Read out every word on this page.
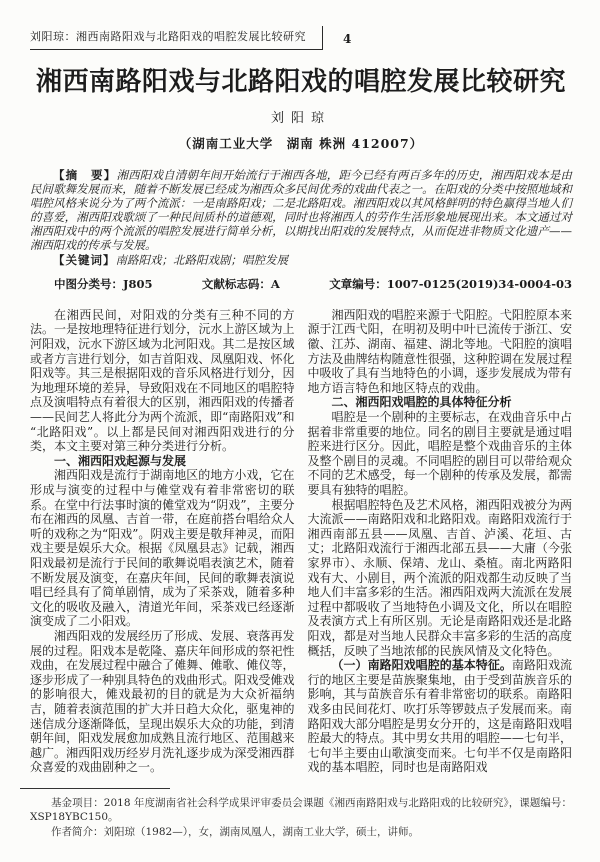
刘阳琼：湘西南路阳戏与北路阳戏的唱腔发展比较研究	4
湘西南路阳戏与北路阳戏的唱腔发展比较研究
刘阳琼
（湖南工业大学　湖南 株洲 412007）
【摘　要】湘西阳戏自清朝年间开始流行于湘西各地，距今已经有两百多年的历史，湘西阳戏本是由民间歌舞发展而来，随着不断发展已经成为湘西众多民间优秀的戏曲代表之一。在阳戏的分类中按照地域和唱腔风格来说分为了两个流派：一是南路阳戏；二是北路阳戏。湘西阳戏以其风格鲜明的特色赢得当地人们的喜爱，湘西阳戏歌颂了一种民间质朴的道德观，同时也将湘西人的劳作生活形象地展现出来。本文通过对湘西阳戏中的两个流派的唱腔发展进行简单分析，以期找出阳戏的发展特点，从而促进非物质文化遗产——湘西阳戏的传承与发展。
【关键词】南路阳戏；北路阳戏剧；唱腔发展
中图分类号：J805	文献标志码：A	文章编号：1007-0125(2019)34-0004-03

在湘西民间，对阳戏的分类有三种不同的方法。一是按地理特征进行划分，沅水上游区域为上河阳戏，沅水下游区域为北河阳戏。其二是按区域或者方言进行划分，如吉首阳戏、凤凰阳戏、怀化阳戏等。其三是根据阳戏的音乐风格进行划分，因为地理环境的差异，导致阳戏在不同地区的唱腔特点及演唱特点有着很大的区别，湘西阳戏的传播者——民间艺人将此分为两个流派，即“南路阳戏”和“北路阳戏”。以上都是民间对湘西阳戏进行的分类，本文主要对第三种分类进行分析。

一、湘西阳戏起源与发展

湘西阳戏是流行于湖南地区的地方小戏，它在形成与演变的过程中与傩堂戏有着非常密切的联系。在堂中行法事时演的傩堂戏为“阴戏”，主要分布在湘西的凤凰、吉首一带，在庭前搭台唱给众人听的戏称之为“阳戏”。阴戏主要是敬拜神灵，而阳戏主要是娱乐大众。根据《凤凰县志》记载，湘西阳戏最初是流行于民间的歌舞说唱表演艺术，随着不断发展及演变，在嘉庆年间，民间的歌舞表演说唱已经具有了简单剧情，成为了采茶戏，随着多种文化的吸收及融入，清道光年间，采茶戏已经逐渐演变成了二小阳戏。

湘西阳戏的发展经历了形成、发展、衰落再发展的过程。阳戏本是乾隆、嘉庆年间形成的祭祀性戏曲，在发展过程中融合了傩舞、傩歌、傩仪等，逐步形成了一种别具特色的戏曲形式。阳戏受傩戏的影响很大，傩戏最初的目的就是为大众祈福纳吉，随着表演范围的扩大并日趋大众化，驱鬼神的迷信成分逐渐降低，呈现出娱乐大众的功能，到清朝年间，阳戏发展愈加成熟且流行地区、范围越来越广。湘西阳戏历经岁月洗礼逐步成为深受湘西群众喜爱的戏曲剧种之一。

湘西阳戏的唱腔来源于弋阳腔。弋阳腔原本来源于江西弋阳，在明初及明中叶已流传于浙江、安徽、江苏、湖南、福建、湖北等地。弋阳腔的演唱方法及曲牌结构随意性很强，这种腔调在发展过程中吸收了具有当地特色的小调，逐步发展成为带有地方语言特色和地区特点的戏曲。

二、湘西阳戏唱腔的具体特征分析

唱腔是一个剧种的主要标志，在戏曲音乐中占据着非常重要的地位。同名的剧目主要就是通过唱腔来进行区分。因此，唱腔是整个戏曲音乐的主体及整个剧目的灵魂。不同唱腔的剧目可以带给观众不同的艺术感受，每一个剧种的传承及发展，都需要具有独特的唱腔。

根据唱腔特色及艺术风格，湘西阳戏被分为两大流派——南路阳戏和北路阳戏。南路阳戏流行于湘西南部五县——凤凰、吉首、泸溪、花垣、古丈；北路阳戏流行于湘西北部五县——大庸（今张家界市）、永顺、保靖、龙山、桑植。南北两路阳戏有大、小剧目，两个流派的阳戏都生动反映了当地人们丰富多彩的生活。湘西阳戏两大流派在发展过程中都吸收了当地特色小调及文化，所以在唱腔及表演方式上有所区别。无论是南路阳戏还是北路阳戏，都是对当地人民群众丰富多彩的生活的高度概括，反映了当地浓郁的民族风情及文化特色。

（一）南路阳戏唱腔的基本特征。南路阳戏流行的地区主要是苗族聚集地，由于受到苗族音乐的影响，其与苗族音乐有着非常密切的联系。南路阳戏多由民间花灯、吹打乐等锣鼓点子发展而来。南路阳戏大部分唱腔是男女分开的，这是南路阳戏唱腔最大的特点。其中男女共用的唱腔——七句半，七句半主要由山歌演变而来。七句半不仅是南路阳戏的基本唱腔，同时也是南路阳戏

基金项目：2018 年度湖南省社会科学成果评审委员会课题《湘西南路阳戏与北路阳戏的比较研究》，课题编号：XSP18YBC150。

作者简介：刘阳琼（1982—），女，湖南凤凰人，湖南工业大学，硕士，讲师。
